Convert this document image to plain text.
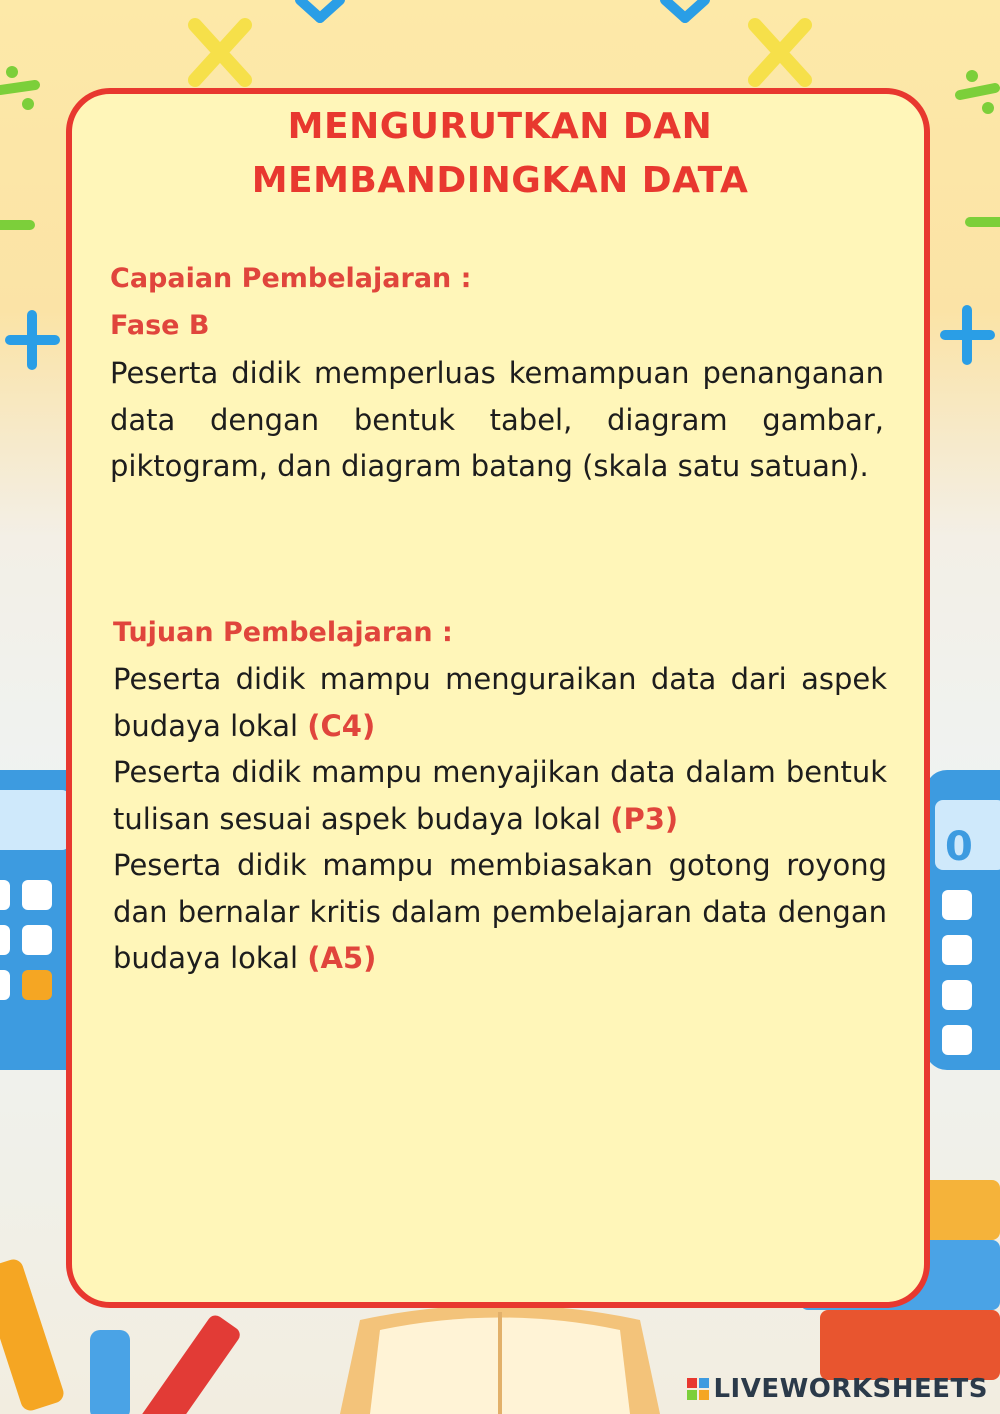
0
MENGURUTKAN DAN
MEMBANDINGKAN DATA

Capaian Pembelajaran :

Fase B

Peserta didik memperluas kemampuan penanganan data dengan bentuk tabel, diagram gambar, piktogram, dan diagram batang (skala satu satuan).

Tujuan Pembelajaran :

Peserta didik mampu menguraikan data dari aspek budaya lokal (C4)

Peserta didik mampu menyajikan data dalam bentuk tulisan sesuai aspek budaya lokal (P3)

Peserta didik mampu membiasakan gotong royong dan bernalar kritis dalam pembelajaran data dengan budaya lokal (A5)

LIVEWORKSHEETS
